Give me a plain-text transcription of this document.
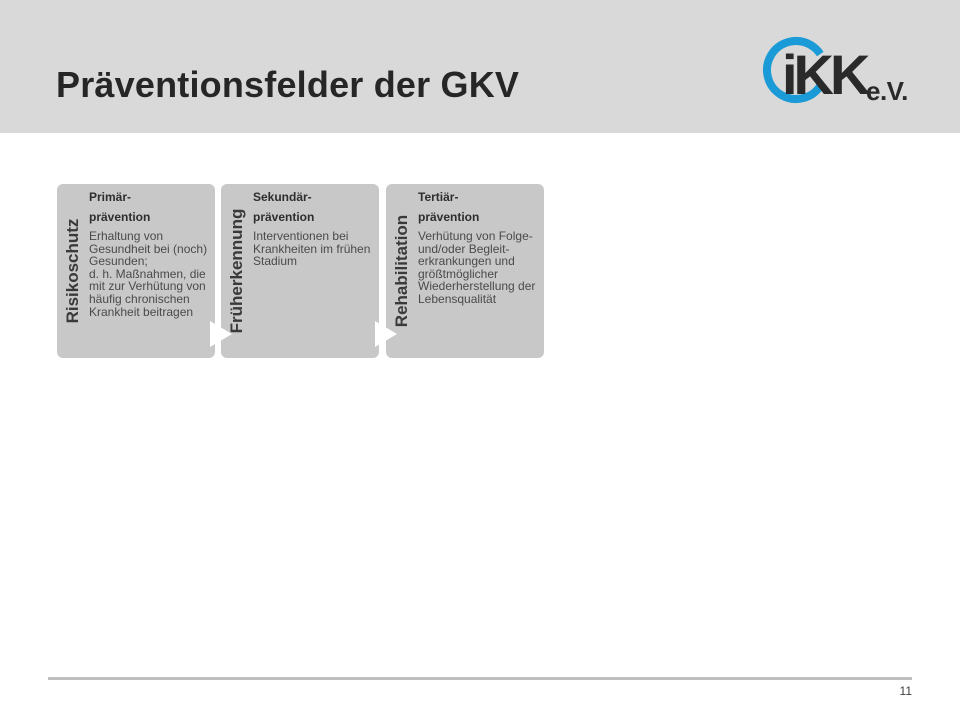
Präventionsfelder der GKV	iKK e.V.
Risikoschutz

Primär-
prävention

Erhaltung von Gesundheit bei (noch) Gesunden;

d. h. Maßnahmen, die mit zur Verhütung von häufig chronischen Krankheit beitragen	Früherkennung

Sekundär-
prävention

Interventionen bei Krankheiten im frühen Stadium	Rehabilitation

Tertiär-
prävention

Verhütung von Folge- und/oder Begleit-erkrankungen und größtmöglicher Wiederherstellung der Lebensqualität

11
